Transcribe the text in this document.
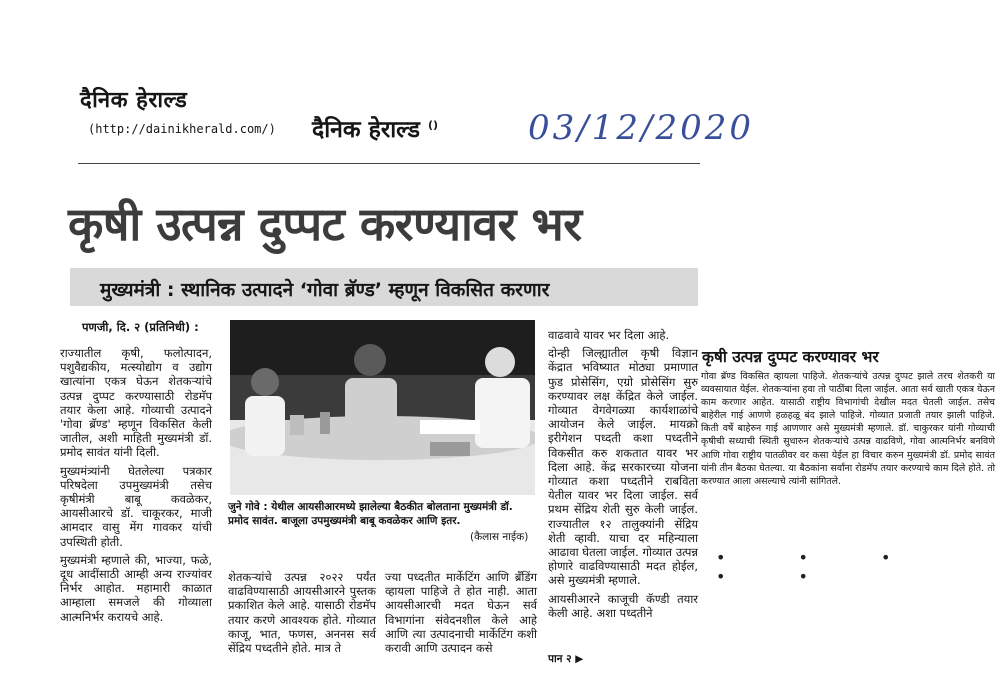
दैनिक हेराल्ड
(http://dainikherald.com/) दैनिक हेराल्ड ()	03/12/2020
कृषी उत्पन्न दुप्पट करण्यावर भर
मुख्यमंत्री : स्थानिक उत्पादने ‘गोवा ब्रॅण्ड’ म्हणून विकसित करणार
पणजी, दि. २ (प्रतिनिधी) :

राज्यातील कृषी, फलोत्पादन, पशुवैद्यकीय, मत्स्योद्योग व उद्योग खात्यांना एकत्र घेऊन शेतकऱ्यांचे उत्पन्न दुप्पट करण्यासाठी रोडमॅप तयार केला आहे. गोव्याची उत्पादने 'गोवा ब्रॅण्ड' म्हणून विकसित केली जातील, अशी माहिती मुख्यमंत्री डॉ. प्रमोद सावंत यांनी दिली.

मुख्यमंत्र्यांनी घेतलेल्या पत्रकार परिषदेला उपमुख्यमंत्री तसेच कृषीमंत्री बाबू कवळेकर, आयसीआरचे डॉ. चाकूरकर, माजी आमदार वासु मेंग गावकर यांची उपस्थिती होती.

मुख्यमंत्री म्हणाले की, भाज्या, फळे, दूध आदींसाठी आम्ही अन्य राज्यांवर निर्भर आहोत. महामारी काळात आम्हाला समजले की गोव्याला आत्मनिर्भर करायचे आहे.

जुने गोवे : येथील आयसीआरमध्ये झालेल्या बैठकीत बोलताना मुख्यमंत्री डॉ. प्रमोद सावंत. बाजूला उपमुख्यमंत्री बाबू कवळेकर आणि इतर.
(कैलास नाईक)
शेतकऱ्यांचे उत्पन्न २०२२ पर्यंत वाढविण्यासाठी आयसीआरने पुस्तक प्रकाशित केले आहे. यासाठी रोडमॅप तयार करणे आवश्यक होते. गोव्यात काजू, भात, फणस, अननस सर्व सेंद्रिय पध्दतीने होते. मात्र ते
ज्या पध्दतीत मार्केटिंग आणि ब्रॅंडिंग व्हायला पाहिजे ते होत नाही. आता आयसीआरची मदत घेऊन सर्व विभागांना संवेदनशील केले आहे आणि त्या उत्पादनाची मार्केटिंग कशी करावी आणि उत्पादन कसे

वाढवावे यावर भर दिला आहे.

दोन्ही जिल्ह्यातील कृषी विज्ञान केंद्रात भविष्यात मोठ्या प्रमाणात फुड प्रोसेसिंग, एग्रो प्रोसेसिंग सुरु करण्यावर लक्ष केंद्रित केले जाईल. गोव्यात वेगवेगळ्या कार्यशाळांचे आयोजन केले जाईल. मायक्रो इरीगेशन पध्दती कशा पध्दतीने विकसीत करु शकतात यावर भर दिला आहे. केंद्र सरकारच्या योजना गोव्यात कशा पध्दतीने राबविता येतील यावर भर दिला जाईल. सर्व प्रथम सेंद्रिय शेती सुरु केली जाईल. राज्यातील १२ तालुक्यांनी सेंद्रिय शेती व्हावी. याचा दर महिन्याला आढावा घेतला जाईल. गोव्यात उत्पन्न होणारे वाढविण्यासाठी मदत होईल, असे मुख्यमंत्री म्हणाले.

आयसीआरने काजूची कॅण्डी तयार केली आहे. अशा पध्दतीने

पान २ ▶
कृषी उत्पन्न दुप्पट करण्यावर भर
गोवा ब्रॅण्ड विकसित व्हायला पाहिजे. शेतकऱ्यांचे उत्पन्न दुप्पट झाले तरच शेतकरी या व्यवसायात येईल. शेतकऱ्यांना हवा तो पाठींबा दिला जाईल. आता सर्व खाती एकत्र येऊन काम करणार आहेत. यासाठी राष्ट्रीय विभागांची देखील मदत घेतली जाईल. तसेच बाहेरील गाई आणणे हळहळू बंद झाले पाहिजे. गोव्यात प्रजाती तयार झाली पाहिजे. किती वर्षे बाहेरुन गाई आणणार असे मुख्यमंत्री म्हणाले. डॉ. चाकुरकर यांनी गोव्याची कृषीची सध्याची स्थिती सुधारुन शेतकऱ्यांचे उत्पन्न वाढविणे, गोवा आत्मनिर्भर बनविणे आणि गोवा राष्ट्रीय पातळीवर वर कसा येईल हा विचार करुन मुख्यमंत्री डॉ. प्रमोद सावंत यांनी तीन बैठका घेतल्या. या बैठकांना सर्वांना रोडमॅप तयार करण्याचे काम दिले होते. तो करण्यात आला असल्याचे त्यांनी सांगितले.
• • • • •
